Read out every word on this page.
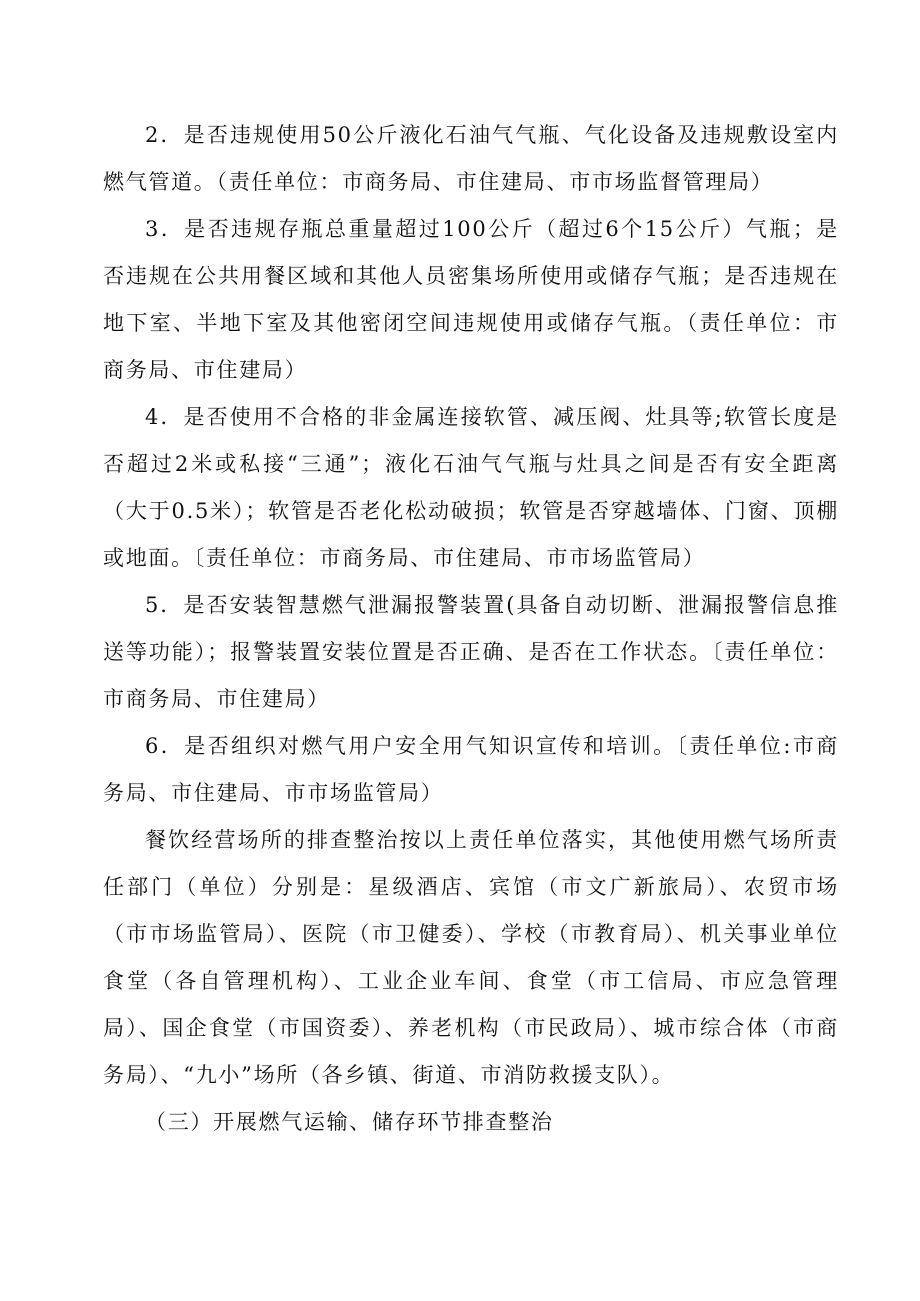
2．是否违规使用50公斤液化石油气气瓶、气化设备及违规敷设室内燃气管道。（责任单位：市商务局、市住建局、市市场监督管理局）

3．是否违规存瓶总重量超过100公斤（超过6个15公斤）气瓶；是否违规在公共用餐区域和其他人员密集场所使用或储存气瓶；是否违规在地下室、半地下室及其他密闭空间违规使用或储存气瓶。（责任单位：市商务局、市住建局）

4．是否使用不合格的非金属连接软管、减压阀、灶具等;软管长度是否超过2米或私接“三通”；液化石油气气瓶与灶具之间是否有安全距离（大于0.5米）；软管是否老化松动破损；软管是否穿越墙体、门窗、顶棚或地面。〔责任单位：市商务局、市住建局、市市场监管局）

5．是否安装智慧燃气泄漏报警装置(具备自动切断、泄漏报警信息推送等功能）；报警装置安装位置是否正确、是否在工作状态。〔责任单位：市商务局、市住建局）

6．是否组织对燃气用户安全用气知识宣传和培训。〔责任单位:市商务局、市住建局、市市场监管局）

餐饮经营场所的排查整治按以上责任单位落实，其他使用燃气场所责任部门（单位）分别是：星级酒店、宾馆（市文广新旅局）、农贸市场（市市场监管局）、医院（市卫健委）、学校（市教育局）、机关事业单位食堂（各自管理机构）、工业企业车间、食堂（市工信局、市应急管理局）、国企食堂（市国资委）、养老机构（市民政局）、城市综合体（市商务局）、“九小”场所（各乡镇、街道、市消防救援支队）。

（三）开展燃气运输、储存环节排查整治
